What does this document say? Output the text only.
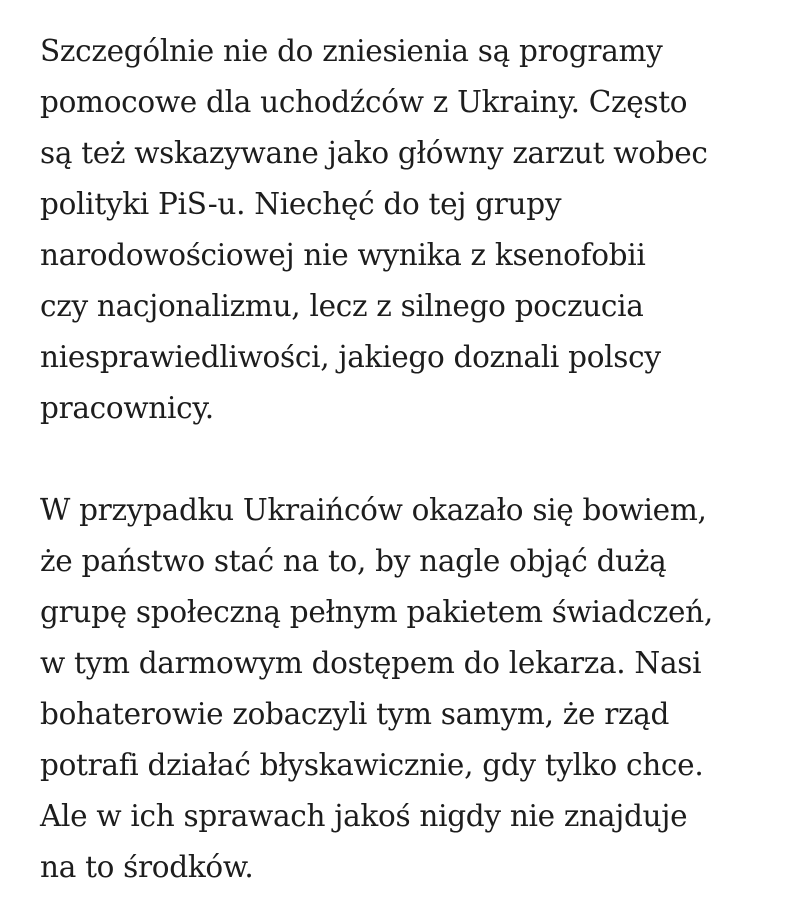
Szczególnie nie do zniesienia są programy
pomocowe dla uchodźców z Ukrainy. Często
są też wskazywane jako główny zarzut wobec
polityki PiS-u. Niechęć do tej grupy
narodowościowej nie wynika z ksenofobii
czy nacjonalizmu, lecz z silnego poczucia
niesprawiedliwości, jakiego doznali polscy
pracownicy.

W przypadku Ukraińców okazało się bowiem,
że państwo stać na to, by nagle objąć dużą
grupę społeczną pełnym pakietem świadczeń,
w tym darmowym dostępem do lekarza. Nasi
bohaterowie zobaczyli tym samym, że rząd
potrafi działać błyskawicznie, gdy tylko chce.
Ale w ich sprawach jakoś nigdy nie znajduje
na to środków.
